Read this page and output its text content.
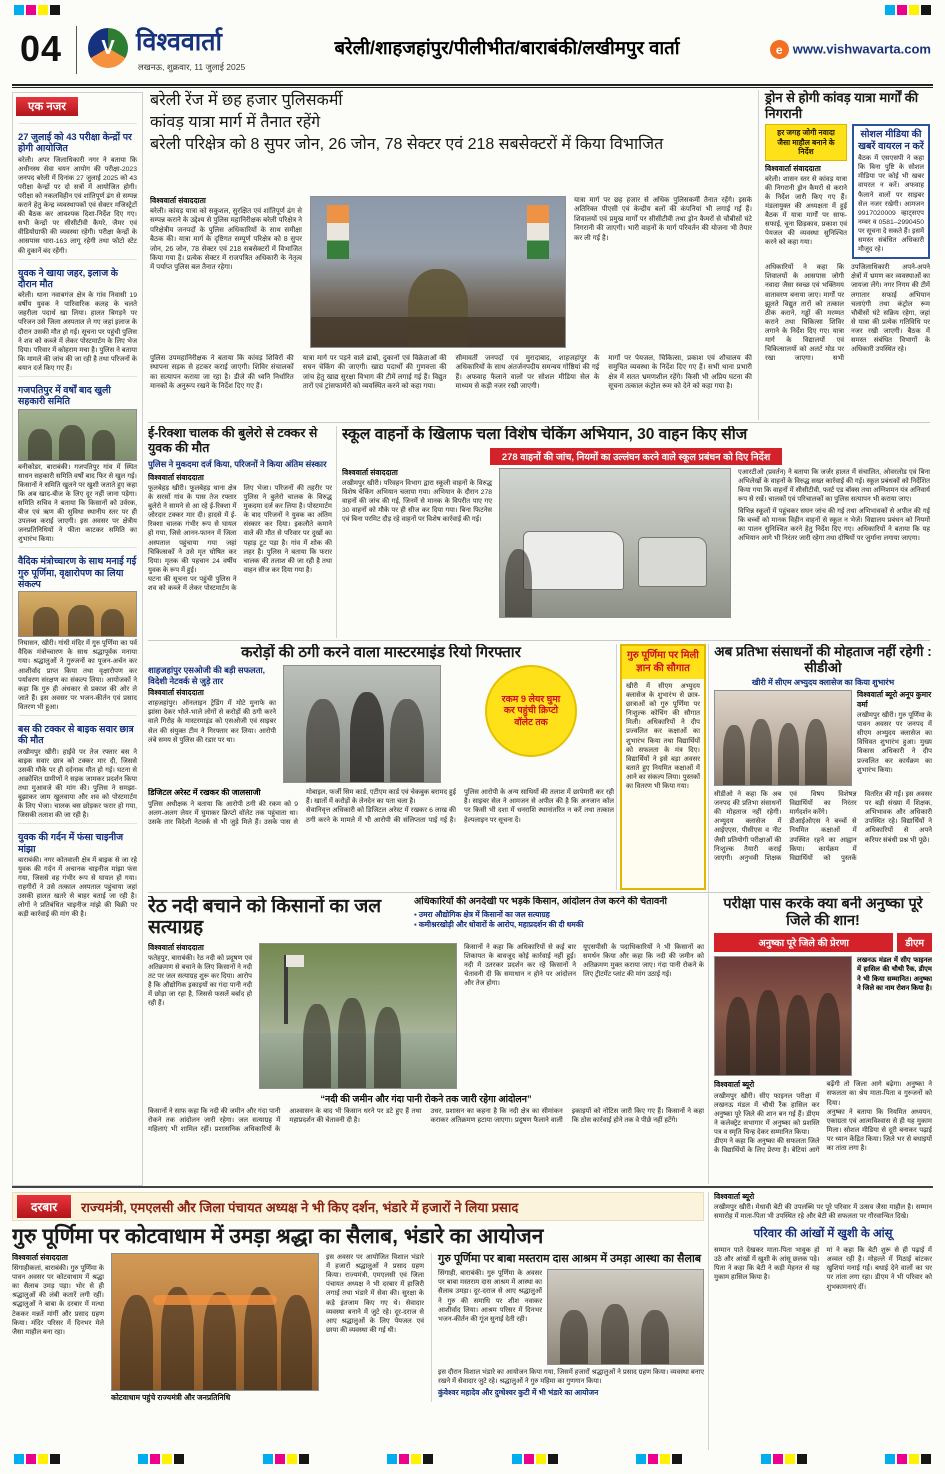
04 V विश्ववार्ता
लखनऊ, शुक्रवार, 11 जुलाई 2025
बरेली/शाहजहांपुर/पीलीभीत/बाराबंकी/लखीमपुर वार्ता	e www.vishwavarta.com
एक नजर
27 जुलाई को 43 परीक्षा केन्द्रों पर होगी आयोजित
बरेली। अपर जिलाधिकारी नगर ने बताया कि अधीनस्थ सेवा चयन आयोग की परीक्षा-2023 जनपद बरेली में दिनांक 27 जुलाई 2025 को 43 परीक्षा केन्द्रों पर दो सत्रों में आयोजित होगी। परीक्षा को नकलविहीन एवं शांतिपूर्ण ढंग से सम्पन्न कराने हेतु केन्द्र व्यवस्थापकों एवं सेक्टर मजिस्ट्रेटों की बैठक कर आवश्यक दिशा-निर्देश दिए गए। सभी केन्द्रों पर सीसीटीवी कैमरे, जैमर एवं वीडियोग्राफी की व्यवस्था रहेगी। परीक्षा केन्द्रों के आसपास धारा-163 लागू रहेगी तथा फोटो स्टेट की दुकानें बंद रहेंगी।
युवक ने खाया जहर, इलाज के दौरान मौत
बरेली। थाना नवाबगंज क्षेत्र के गांव निवासी 19 वर्षीय युवक ने पारिवारिक कलह के चलते जहरीला पदार्थ खा लिया। हालत बिगड़ने पर परिजन उसे जिला अस्पताल ले गए जहां इलाज के दौरान उसकी मौत हो गई। सूचना पर पहुंची पुलिस ने शव को कब्जे में लेकर पोस्टमार्टम के लिए भेज दिया। परिवार में कोहराम मचा है। पुलिस ने बताया कि मामले की जांच की जा रही है तथा परिजनों के बयान दर्ज किए गए हैं।
गजपतिपुर में वर्षों बाद खुली सहकारी समिति
बनीकोडर, बाराबंकी। गजपतिपुर गांव में स्थित साधन सहकारी समिति वर्षों बाद फिर से खुल गई। किसानों ने समिति खुलने पर खुशी जताते हुए कहा कि अब खाद-बीज के लिए दूर नहीं जाना पड़ेगा। समिति सचिव ने बताया कि किसानों को उर्वरक, बीज एवं ऋण की सुविधा स्थानीय स्तर पर ही उपलब्ध कराई जाएगी। इस अवसर पर क्षेत्रीय जनप्रतिनिधियों ने फीता काटकर समिति का शुभारंभ किया।
वैदिक मंत्रोच्चारण के साथ मनाई गई गुरु पूर्णिमा, वृक्षारोपण का लिया संकल्प
निघासन, खीरी। गांधी मंदिर में गुरु पूर्णिमा का पर्व वैदिक मंत्रोच्चारण के साथ श्रद्धापूर्वक मनाया गया। श्रद्धालुओं ने गुरुजनों का पूजन-अर्चन कर आशीर्वाद प्राप्त किया तथा वृक्षारोपण कर पर्यावरण संरक्षण का संकल्प लिया। आयोजकों ने कहा कि गुरु ही अंधकार से प्रकाश की ओर ले जाते हैं। इस अवसर पर भजन-कीर्तन एवं प्रसाद वितरण भी हुआ।
बस की टक्कर से बाइक सवार छात्र की मौत
लखीमपुर खीरी। हाईवे पर तेज रफ्तार बस ने बाइक सवार छात्र को टक्कर मार दी, जिससे उसकी मौके पर ही दर्दनाक मौत हो गई। घटना से आक्रोशित ग्रामीणों ने सड़क जामकर प्रदर्शन किया तथा मुआवजे की मांग की। पुलिस ने समझा-बुझाकर जाम खुलवाया और शव को पोस्टमार्टम के लिए भेजा। चालक बस छोड़कर फरार हो गया, जिसकी तलाश की जा रही है।
युवक की गर्दन में फंसा चाइनीज मांझा
बाराबंकी। नगर कोतवाली क्षेत्र में बाइक से जा रहे युवक की गर्दन में अचानक चाइनीज मांझा फंस गया, जिससे वह गंभीर रूप से घायल हो गया। राहगीरों ने उसे तत्काल अस्पताल पहुंचाया जहां उसकी हालत खतरे से बाहर बताई जा रही है। लोगों ने प्रतिबंधित चाइनीज मांझे की बिक्री पर कड़ी कार्रवाई की मांग की है।
बरेली रेंज में छह हजार पुलिसकर्मी
कांवड़ यात्रा मार्ग में तैनात रहेंगे
बरेली परिक्षेत्र को 8 सुपर जोन, 26 जोन, 78 सेक्टर एवं 218 सबसेक्टरों में किया विभाजित
विश्ववार्ता संवाददाता
बरेली। कांवड़ यात्रा को सकुशल, सुरक्षित एवं शांतिपूर्ण ढंग से सम्पन्न कराने के उद्देश्य से पुलिस महानिरीक्षक बरेली परिक्षेत्र ने परिक्षेत्रीय जनपदों के पुलिस अधिकारियों के साथ समीक्षा बैठक की। यात्रा मार्ग के दृष्टिगत सम्पूर्ण परिक्षेत्र को 8 सुपर जोन, 26 जोन, 78 सेक्टर एवं 218 सबसेक्टरों में विभाजित किया गया है। प्रत्येक सेक्टर में राजपत्रित अधिकारी के नेतृत्व में पर्याप्त पुलिस बल तैनात रहेगा।
यात्रा मार्ग पर छह हजार से अधिक पुलिसकर्मी तैनात रहेंगे। इसके अतिरिक्त पीएसी एवं केन्द्रीय बलों की कंपनियां भी लगाई गई हैं। शिवालयों एवं प्रमुख मार्गों पर सीसीटीवी तथा ड्रोन कैमरों से चौबीसों घंटे निगरानी की जाएगी। भारी वाहनों के मार्ग परिवर्तन की योजना भी तैयार कर ली गई है।
पुलिस उपमहानिरीक्षक ने बताया कि कांवड़ शिविरों की स्थापना सड़क से हटकर कराई जाएगी। शिविर संचालकों का सत्यापन कराया जा रहा है। डीजे की ध्वनि निर्धारित मानकों के अनुरूप रखने के निर्देश दिए गए हैं।
यात्रा मार्ग पर पड़ने वाले ढाबों, दुकानों एवं विक्रेताओं की सघन चेकिंग की जाएगी। खाद्य पदार्थों की गुणवत्ता की जांच हेतु खाद्य सुरक्षा विभाग की टीमें लगाई गई हैं। विद्युत तारों एवं ट्रांसफार्मरों को व्यवस्थित करने को कहा गया।
सीमावर्ती जनपदों एवं मुरादाबाद, शाहजहांपुर के अधिकारियों के साथ अंतर्जनपदीय समन्वय गोष्ठियां की गई हैं। अफवाह फैलाने वालों पर सोशल मीडिया सेल के माध्यम से कड़ी नजर रखी जाएगी।
मार्गों पर पेयजल, चिकित्सा, प्रकाश एवं शौचालय की समुचित व्यवस्था के निर्देश दिए गए हैं। सभी थाना प्रभारी क्षेत्र में सतत भ्रमणशील रहेंगे। किसी भी अप्रिय घटना की सूचना तत्काल कंट्रोल रूम को देने को कहा गया है।
ड्रोन से होगी कांवड़ यात्रा मार्गों की निगरानी
हर जगह जोगी नवादा जैसा माहौल बनाने के निर्देश
विश्ववार्ता संवाददाता
बरेली। शासन स्तर से कांवड़ यात्रा की निगरानी ड्रोन कैमरों से कराने के निर्देश जारी किए गए हैं। मंडलायुक्त की अध्यक्षता में हुई बैठक में यात्रा मार्गों पर साफ-सफाई, चूना छिड़काव, प्रकाश एवं पेयजल की व्यवस्था सुनिश्चित करने को कहा गया।
सोशल मीडिया की खबरें वायरल न करें
बैठक में एसएसपी ने कहा कि बिना पुष्टि के सोशल मीडिया पर कोई भी खबर वायरल न करें। अफवाह फैलाने वालों पर साइबर सेल नजर रखेगी। आमजन 9917020009 व्हाट्सएप नम्बर व 0581–2990450 पर सूचना दे सकते हैं। इसमें समस्त संबंधित अधिकारी मौजूद रहे।
अधिकारियों ने कहा कि शिवालयों के आसपास जोगी नवादा जैसा स्वच्छ एवं भक्तिमय वातावरण बनाया जाए। मार्गों पर झूलते विद्युत तारों को तत्काल ठीक कराने, गड्ढों की मरम्मत कराने तथा चिकित्सा शिविर लगाने के निर्देश दिए गए। यात्रा मार्ग के विद्यालयों एवं चिकित्सालयों को अलर्ट मोड पर रखा जाएगा। सभी उपजिलाधिकारी अपने-अपने क्षेत्रों में भ्रमण कर व्यवस्थाओं का जायजा लेंगे। नगर निगम की टीमें लगातार सफाई अभियान चलाएंगी तथा कंट्रोल रूम चौबीसों घंटे सक्रिय रहेगा, जहां से यात्रा की प्रत्येक गतिविधि पर नजर रखी जाएगी। बैठक में समस्त संबंधित विभागों के अधिकारी उपस्थित रहे।
ई-रिक्शा चालक की बुलेरो से टक्कर से युवक की मौत
पुलिस ने मुकदमा दर्ज किया, परिजनों ने किया अंतिम संस्कार
विश्ववार्ता संवाददाता
फूलबेहड़ खीरी। फूलबेहड़ थाना क्षेत्र के सरसों गांव के पास तेज रफ्तार बुलेरो ने सामने से आ रहे ई-रिक्शा में जोरदार टक्कर मार दी। हादसे में ई-रिक्शा चालक गंभीर रूप से घायल हो गया, जिसे आनन-फानन में जिला अस्पताल पहुंचाया गया जहां चिकित्सकों ने उसे मृत घोषित कर दिया। मृतक की पहचान 24 वर्षीय युवक के रूप में हुई।
घटना की सूचना पर पहुंची पुलिस ने शव को कब्जे में लेकर पोस्टमार्टम के लिए भेजा। परिजनों की तहरीर पर पुलिस ने बुलेरो चालक के विरुद्ध मुकदमा दर्ज कर लिया है। पोस्टमार्टम के बाद परिजनों ने युवक का अंतिम संस्कार कर दिया। इकलौते कमाने वाले की मौत से परिवार पर दुखों का पहाड़ टूट पड़ा है। गांव में शोक की लहर है। पुलिस ने बताया कि फरार चालक की तलाश की जा रही है तथा वाहन सीज कर दिया गया है।
स्कूल वाहनों के खिलाफ चला विशेष चेकिंग अभियान, 30 वाहन किए सीज
278 वाहनों की जांच, नियमों का उल्लंघन करने वाले स्कूल प्रबंधन को दिए निर्देश
विश्ववार्ता संवाददाता
लखीमपुर खीरी। परिवहन विभाग द्वारा स्कूली वाहनों के विरुद्ध विशेष चेकिंग अभियान चलाया गया। अभियान के दौरान 278 वाहनों की जांच की गई, जिनमें से मानक के विपरीत पाए गए 30 वाहनों को मौके पर ही सीज कर दिया गया। बिना फिटनेस एवं बिना परमिट दौड़ रहे वाहनों पर विशेष कार्रवाई की गई।
एआरटीओ (प्रवर्तन) ने बताया कि जर्जर हालत में संचालित, ओवरलोड एवं बिना अभिलेखों के वाहनों के विरुद्ध सख्त कार्रवाई की गई। स्कूल प्रबंधकों को निर्देशित किया गया कि वाहनों में सीसीटीवी, फर्स्ट एड बॉक्स तथा अग्निशमन यंत्र अनिवार्य रूप से रखें। चालकों एवं परिचालकों का पुलिस सत्यापन भी कराया जाए।
विभिन्न स्कूलों में पहुंचकर सघन जांच की गई तथा अभिभावकों से अपील की गई कि बच्चों को मानक विहीन वाहनों से स्कूल न भेजें। विद्यालय प्रबंधन को नियमों का पालन सुनिश्चित करने हेतु निर्देश दिए गए। अधिकारियों ने बताया कि यह अभियान आगे भी निरंतर जारी रहेगा तथा दोषियों पर जुर्माना लगाया जाएगा।
करोड़ों की ठगी करने वाला मास्टरमाइंड रियो गिरफ्तार
शाहजहांपुर एसओजी की बड़ी सफलता, विदेशी नेटवर्क से जुड़े तार
विश्ववार्ता संवाददाता
शाहजहांपुर। ऑनलाइन ट्रेडिंग में मोटे मुनाफे का झांसा देकर भोले-भाले लोगों से करोड़ों की ठगी करने वाले गिरोह के मास्टरमाइंड को एसओजी एवं साइबर सेल की संयुक्त टीम ने गिरफ्तार कर लिया। आरोपी लंबे समय से पुलिस की रडार पर था।
रकम 9 लेयर घुमा कर पहुंची क्रिप्टो वॉलेट तक
डिजिटल अरेस्ट में रखकर की जालसाजी
पुलिस अधीक्षक ने बताया कि आरोपी ठगी की रकम को 9 अलग-अलग लेयर में घुमाकर क्रिप्टो वॉलेट तक पहुंचाता था। उसके तार विदेशी नेटवर्क से भी जुड़े मिले हैं। उसके पास से मोबाइल, फर्जी सिम कार्ड, एटीएम कार्ड एवं चेकबुक बरामद हुई हैं। खातों में करोड़ों के लेनदेन का पता चला है।
सेवानिवृत्त अधिकारी को डिजिटल अरेस्ट में रखकर 6 लाख की ठगी करने के मामले में भी आरोपी की संलिप्तता पाई गई है। पुलिस आरोपी के अन्य साथियों की तलाश में छापेमारी कर रही है। साइबर सेल ने आमजन से अपील की है कि अनजान कॉल पर किसी भी दशा में धनराशि स्थानांतरित न करें तथा तत्काल हेल्पलाइन पर सूचना दें।
गुरु पूर्णिमा पर मिली ज्ञान की सौगात
खीरी में सीएम अभ्युदय क्लासेज के शुभारंभ से छात्र-छात्राओं को गुरु पूर्णिमा पर निःशुल्क कोचिंग की सौगात मिली। अधिकारियों ने दीप प्रज्वलित कर कक्षाओं का शुभारंभ किया तथा विद्यार्थियों को सफलता के मंत्र दिए। विद्यार्थियों ने इसे बड़ा अवसर बताते हुए नियमित कक्षाओं में आने का संकल्प लिया। पुस्तकों का वितरण भी किया गया।
अब प्रतिभा संसाधनों की मोहताज नहीं रहेगी : सीडीओ
खीरी में सीएम अभ्युदय क्लासेज का किया शुभारंभ
विश्ववार्ता ब्यूरो अनूप कुमार वर्मा
लखीमपुर खीरी। गुरु पूर्णिमा के पावन अवसर पर जनपद में सीएम अभ्युदय क्लासेज का विधिवत शुभारंभ हुआ। मुख्य विकास अधिकारी ने दीप प्रज्वलित कर कार्यक्रम का शुभारंभ किया।
सीडीओ ने कहा कि अब जनपद की प्रतिभा संसाधनों की मोहताज नहीं रहेगी। अभ्युदय क्लासेज में आईएएस, पीसीएस व नीट जैसी प्रतियोगी परीक्षाओं की निःशुल्क तैयारी कराई जाएगी। अनुभवी शिक्षक एवं विषय विशेषज्ञ विद्यार्थियों का निरंतर मार्गदर्शन करेंगे।
डीआईओएस ने बच्चों से नियमित कक्षाओं में उपस्थित रहने का आह्वान किया। कार्यक्रम में विद्यार्थियों को पुस्तकें वितरित की गईं। इस अवसर पर बड़ी संख्या में शिक्षक, अभिभावक और अधिकारी उपस्थित रहे। विद्यार्थियों ने अधिकारियों से अपने करियर संबंधी प्रश्न भी पूछे।
रेठ नदी बचाने को किसानों का जल सत्याग्रह
अधिकारियों की अनदेखी पर भड़के किसान, आंदोलन तेज करने की चेतावनी
▪ उमरा औद्योगिक क्षेत्र में किसानों का जल सत्याग्रह
▪ कमीश्नरखोड़ी और धोवारों के आरोप, महाप्रदर्शन की दी धमकी
विश्ववार्ता संवाददाता
फतेहपुर, बाराबंकी। रेठ नदी को प्रदूषण एवं अतिक्रमण से बचाने के लिए किसानों ने नदी तट पर जल सत्याग्रह शुरू कर दिया। आरोप है कि औद्योगिक इकाइयों का गंदा पानी नदी में छोड़ा जा रहा है, जिससे फसलें बर्बाद हो रही हैं।
किसानों ने कहा कि अधिकारियों से कई बार शिकायत के बावजूद कोई कार्रवाई नहीं हुई। नदी में उतरकर प्रदर्शन कर रहे किसानों ने चेतावनी दी कि समाधान न होने पर आंदोलन और तेज होगा।
यूएसपीसी के पदाधिकारियों ने भी किसानों का समर्थन किया और कहा कि नदी की जमीन को अतिक्रमण मुक्त कराया जाए। गंदा पानी रोकने के लिए ट्रीटमेंट प्लांट की मांग उठाई गई।
“नदी की जमीन और गंदा पानी रोकने तक जारी रहेगा आंदोलन”
किसानों ने साफ कहा कि नदी की जमीन और गंदा पानी रोकने तक आंदोलन जारी रहेगा। जल सत्याग्रह में महिलाएं भी शामिल रहीं। प्रशासनिक अधिकारियों के आश्वासन के बाद भी किसान धरने पर डटे हुए हैं तथा महाप्रदर्शन की चेतावनी दी है।
उधर, प्रशासन का कहना है कि नदी क्षेत्र का सीमांकन कराकर अतिक्रमण हटाया जाएगा। प्रदूषण फैलाने वाली इकाइयों को नोटिस जारी किए गए हैं। किसानों ने कहा कि ठोस कार्रवाई होने तक वे पीछे नहीं हटेंगे।
परीक्षा पास करके क्या बनी अनुष्का पूरे जिले की शान!
अनुष्का पूरे जिले की प्रेरणा	डीएम
लखनऊ मंडल में सीए फाइनल में हासिल की चौथी रैंक, डीएम ने भी किया सम्मानित। अनुष्का ने जिले का नाम रोशन किया है।
विश्ववार्ता ब्यूरो
लखीमपुर खीरी। सीए फाइनल परीक्षा में लखनऊ मंडल में चौथी रैंक हासिल कर अनुष्का पूरे जिले की शान बन गई हैं। डीएम ने कलेक्ट्रेट सभागार में अनुष्का को प्रशस्ति पत्र व स्मृति चिन्ह देकर सम्मानित किया।
डीएम ने कहा कि अनुष्का की सफलता जिले के विद्यार्थियों के लिए प्रेरणा है। बेटियां आगे बढ़ेंगी तो जिला आगे बढ़ेगा। अनुष्का ने सफलता का श्रेय माता-पिता व गुरुजनों को दिया।
अनुष्का ने बताया कि नियमित अध्ययन, एकाग्रता एवं आत्मविश्वास से ही यह मुकाम मिला। सोशल मीडिया से दूरी बनाकर पढ़ाई पर ध्यान केंद्रित किया। जिले भर से बधाइयों का तांता लगा है।
दरबार	राज्यमंत्री, एमएलसी और जिला पंचायत अध्यक्ष ने भी किए दर्शन, भंडारे में हजारों ने लिया प्रसाद
गुरु पूर्णिमा पर कोटवाधाम में उमड़ा श्रद्धा का सैलाब, भंडारे का आयोजन
विश्ववार्ता संवाददाता
सिंगाहीकलां, बाराबंकी। गुरु पूर्णिमा के पावन अवसर पर कोटवाधाम में श्रद्धा का सैलाब उमड़ पड़ा। भोर से ही श्रद्धालुओं की लंबी कतारें लगी रहीं। श्रद्धालुओं ने बाबा के दरबार में मत्था टेककर मन्नतें मांगीं और प्रसाद ग्रहण किया। मंदिर परिसर में दिनभर मेले जैसा माहौल बना रहा।
कोटवाधाम पहुंचे राज्यमंत्री और जनप्रतिनिधि
इस अवसर पर आयोजित विशाल भंडारे में हजारों श्रद्धालुओं ने प्रसाद ग्रहण किया। राज्यमंत्री, एमएलसी एवं जिला पंचायत अध्यक्ष ने भी दरबार में हाजिरी लगाई तथा भंडारे में सेवा की। सुरक्षा के कड़े इंतजाम किए गए थे। सेवादार व्यवस्था बनाने में जुटे रहे। दूर-दराज से आए श्रद्धालुओं के लिए पेयजल एवं छाया की व्यवस्था की गई थी।
गुरु पूर्णिमा पर बाबा मस्तराम दास आश्रम में उमड़ा आस्था का सैलाब
सिंगाही, बाराबंकी। गुरु पूर्णिमा के अवसर पर बाबा मस्तराम दास आश्रम में आस्था का सैलाब उमड़ा। दूर-दराज से आए श्रद्धालुओं ने गुरु की समाधि पर शीश नवाकर आशीर्वाद लिया। आश्रम परिसर में दिनभर भजन-कीर्तन की गूंज सुनाई देती रही।
इस दौरान विशाल भंडारे का आयोजन किया गया, जिसमें हजारों श्रद्धालुओं ने प्रसाद ग्रहण किया। व्यवस्था बनाए रखने में सेवादार जुटे रहे। श्रद्धालुओं ने गुरु महिमा का गुणगान किया।
कुंवेश्वर महादेव और दुग्धेश्वर कुटी में भी भंडारे का आयोजन
विश्ववार्ता ब्यूरो
लखीमपुर खीरी। मेधावी बेटी की उपलब्धि पर पूरे परिवार में उत्सव जैसा माहौल है। सम्मान समारोह में माता-पिता भी उपस्थित रहे और बेटी की सफलता पर गौरवान्वित दिखे।
परिवार की आंखों में खुशी के आंसू
सम्मान पाते देखकर माता-पिता भावुक हो उठे और आंखों में खुशी के आंसू छलक पड़े। पिता ने कहा कि बेटी ने कड़ी मेहनत से यह मुकाम हासिल किया है।
मां ने कहा कि बेटी शुरू से ही पढ़ाई में अव्वल रही है। मोहल्ले में मिठाई बांटकर खुशियां मनाई गईं। बधाई देने वालों का घर पर तांता लगा रहा। डीएम ने भी परिवार को शुभकामनाएं दीं।
